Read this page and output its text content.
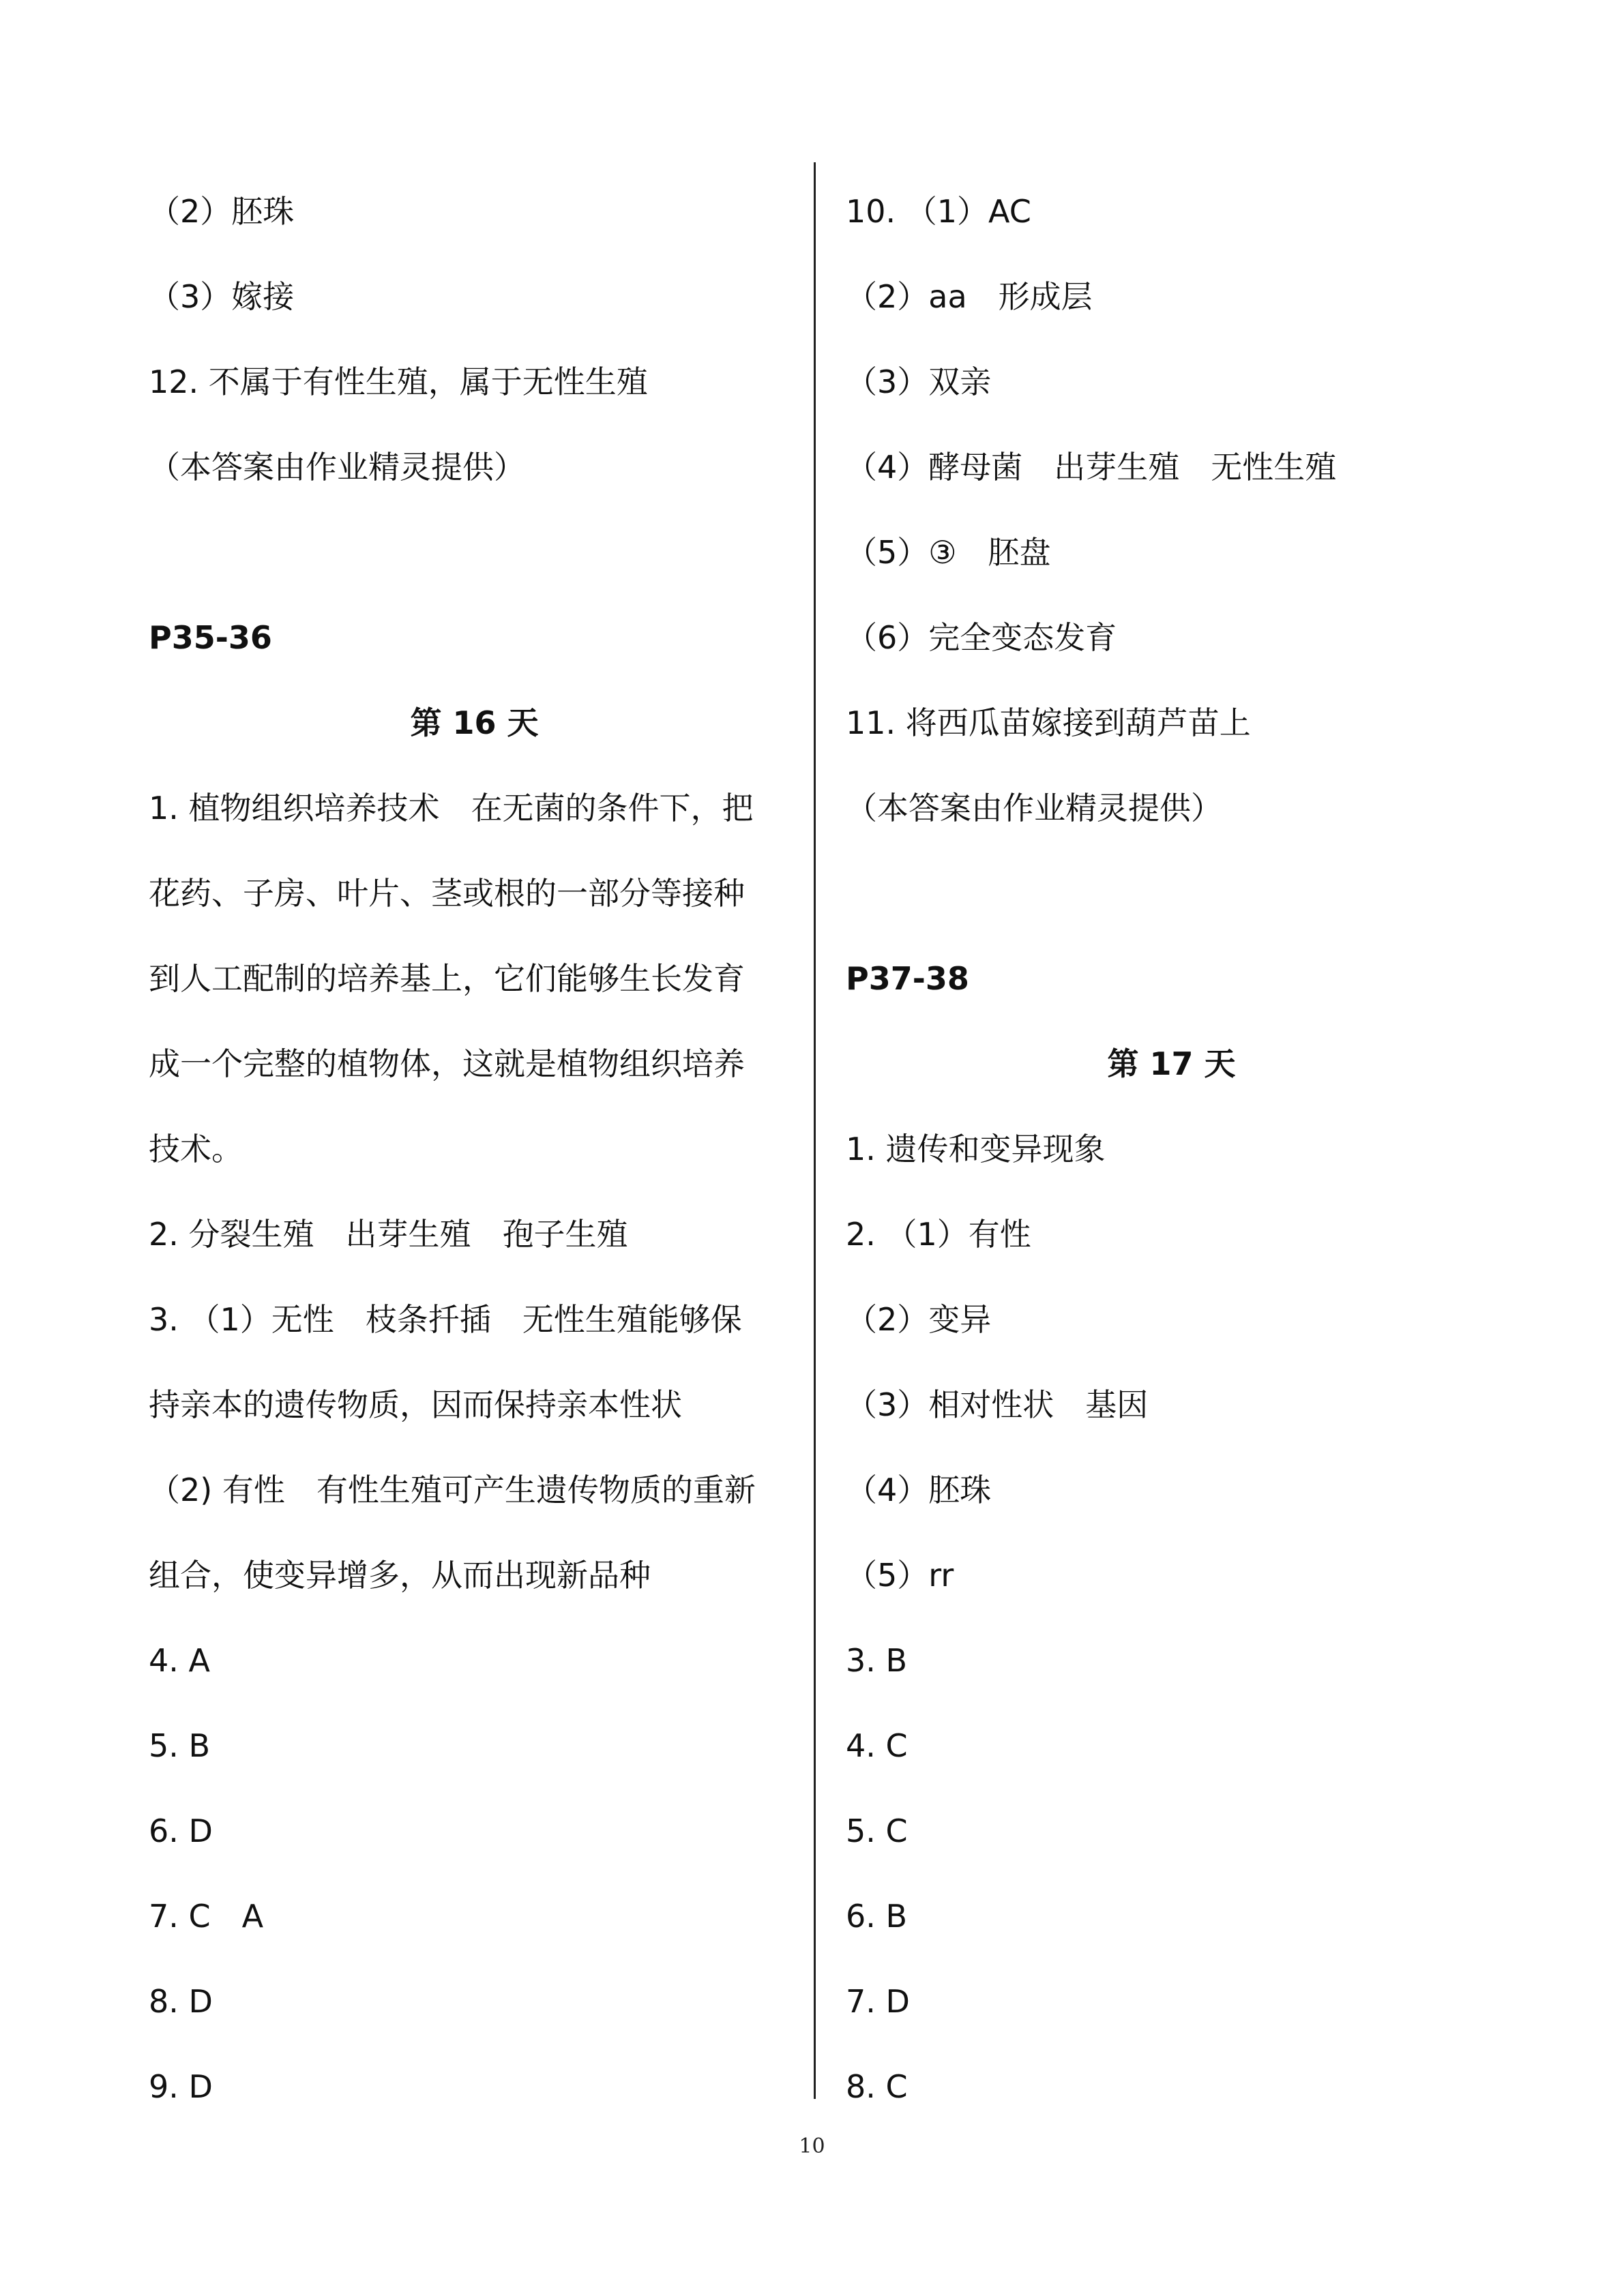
（2）胚珠

（3）嫁接

12. 不属于有性生殖，属于无性生殖

（本答案由作业精灵提供）

P35-36

第 16 天

1. 植物组织培养技术　在无菌的条件下，把

花药、子房、叶片、茎或根的一部分等接种

到人工配制的培养基上，它们能够生长发育

成一个完整的植物体，这就是植物组织培养

技术。

2. 分裂生殖　出芽生殖　孢子生殖

3. （1）无性　枝条扦插　无性生殖能够保

持亲本的遗传物质，因而保持亲本性状

（2) 有性　有性生殖可产生遗传物质的重新

组合，使变异增多，从而出现新品种

4. A

5. B

6. D

7. C　A

8. D

9. D

10. （1）AC

（2）aa　形成层

（3）双亲

（4）酵母菌　出芽生殖　无性生殖

（5）③　胚盘

（6）完全变态发育

11. 将西瓜苗嫁接到葫芦苗上

（本答案由作业精灵提供）

P37-38

第 17 天

1. 遗传和变异现象

2. （1）有性

（2）变异

（3）相对性状　基因

（4）胚珠

（5）rr

3. B

4. C

5. C

6. B

7. D

8. C

10
